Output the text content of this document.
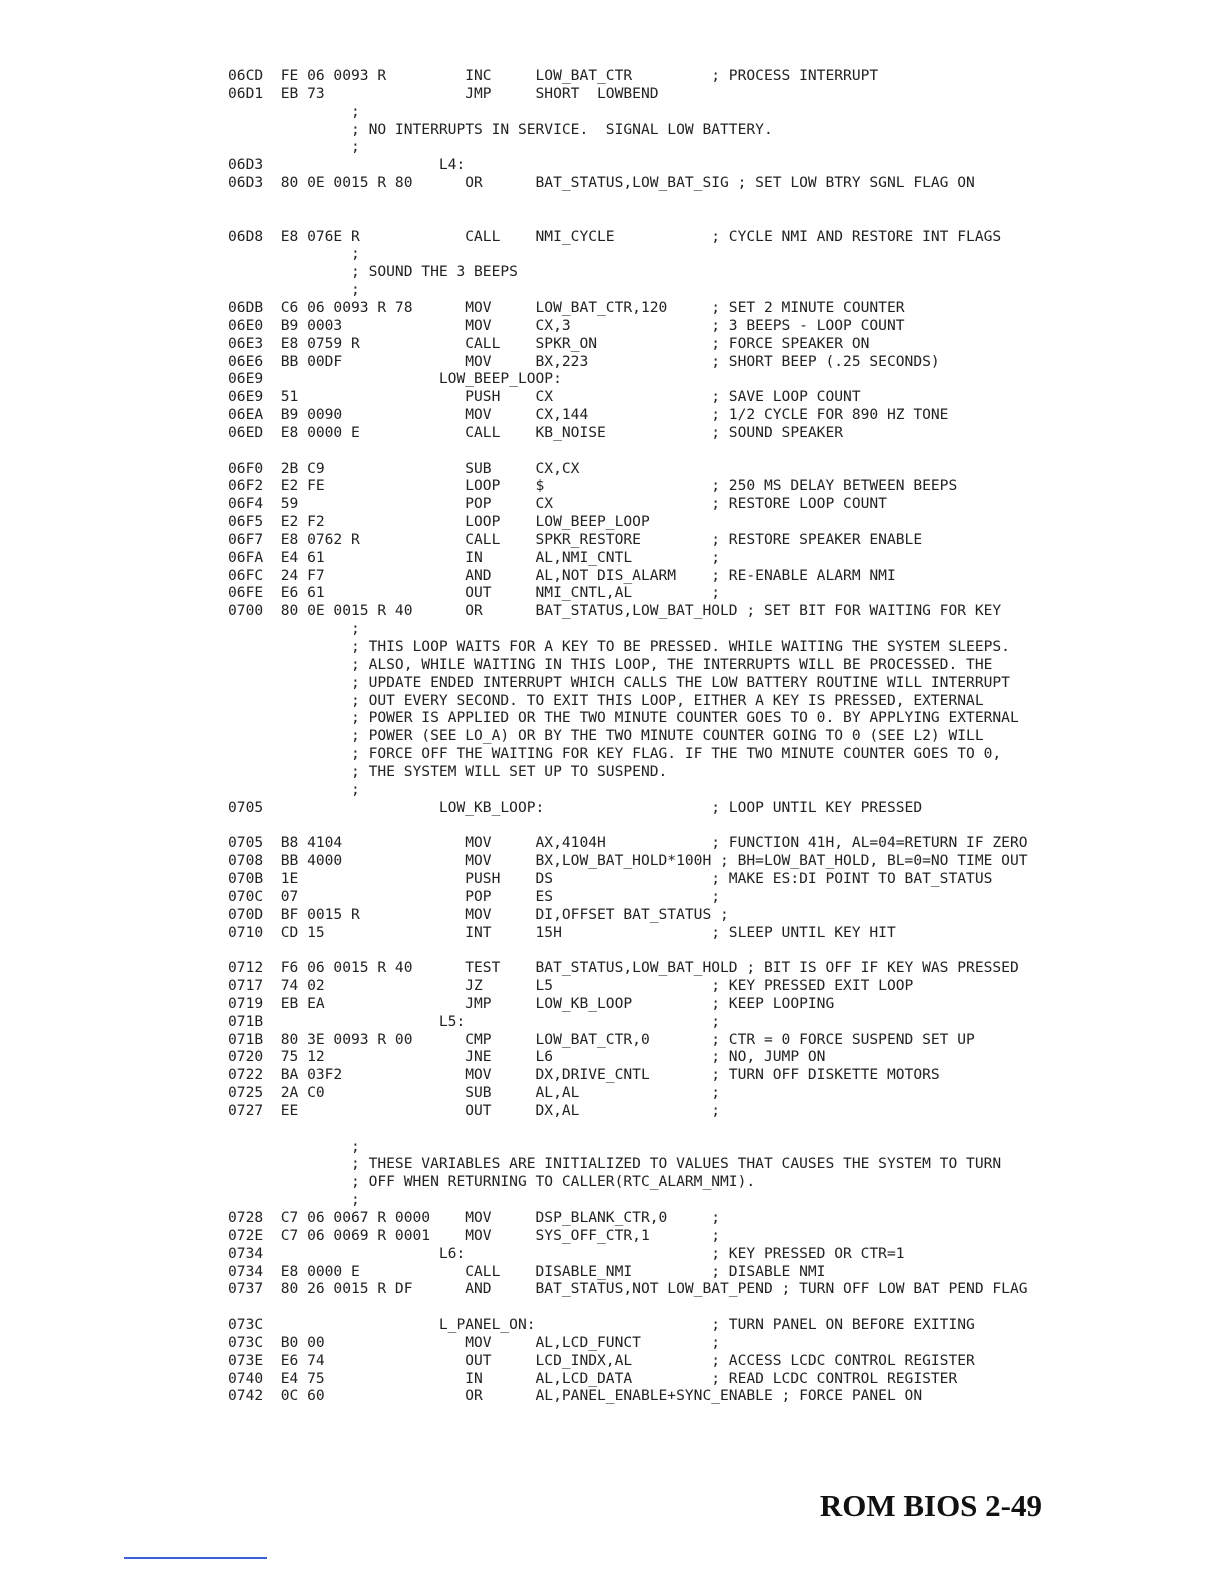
06CD  FE 06 0093 R         INC     LOW_BAT_CTR         ; PROCESS INTERRUPT
06D1  EB 73                JMP     SHORT  LOWBEND
;
; NO INTERRUPTS IN SERVICE.  SIGNAL LOW BATTERY.
;
06D3                    L4:
06D3  80 0E 0015 R 80      OR      BAT_STATUS,LOW_BAT_SIG ; SET LOW BTRY SGNL FLAG ON
06D8  E8 076E R            CALL    NMI_CYCLE           ; CYCLE NMI AND RESTORE INT FLAGS
;
; SOUND THE 3 BEEPS
;
06DB  C6 06 0093 R 78      MOV     LOW_BAT_CTR,120     ; SET 2 MINUTE COUNTER
06E0  B9 0003              MOV     CX,3                ; 3 BEEPS - LOOP COUNT
06E3  E8 0759 R            CALL    SPKR_ON             ; FORCE SPEAKER ON
06E6  BB 00DF              MOV     BX,223              ; SHORT BEEP (.25 SECONDS)
06E9                    LOW_BEEP_LOOP:
06E9  51                   PUSH    CX                  ; SAVE LOOP COUNT
06EA  B9 0090              MOV     CX,144              ; 1/2 CYCLE FOR 890 HZ TONE
06ED  E8 0000 E            CALL    KB_NOISE            ; SOUND SPEAKER
06F0  2B C9                SUB     CX,CX
06F2  E2 FE                LOOP    $                   ; 250 MS DELAY BETWEEN BEEPS
06F4  59                   POP     CX                  ; RESTORE LOOP COUNT
06F5  E2 F2                LOOP    LOW_BEEP_LOOP
06F7  E8 0762 R            CALL    SPKR_RESTORE        ; RESTORE SPEAKER ENABLE
06FA  E4 61                IN      AL,NMI_CNTL         ;
06FC  24 F7                AND     AL,NOT DIS_ALARM    ; RE-ENABLE ALARM NMI
06FE  E6 61                OUT     NMI_CNTL,AL         ;
0700  80 0E 0015 R 40      OR      BAT_STATUS,LOW_BAT_HOLD ; SET BIT FOR WAITING FOR KEY
;
; THIS LOOP WAITS FOR A KEY TO BE PRESSED. WHILE WAITING THE SYSTEM SLEEPS.
; ALSO, WHILE WAITING IN THIS LOOP, THE INTERRUPTS WILL BE PROCESSED. THE
; UPDATE ENDED INTERRUPT WHICH CALLS THE LOW BATTERY ROUTINE WILL INTERRUPT
; OUT EVERY SECOND. TO EXIT THIS LOOP, EITHER A KEY IS PRESSED, EXTERNAL
; POWER IS APPLIED OR THE TWO MINUTE COUNTER GOES TO 0. BY APPLYING EXTERNAL
; POWER (SEE LO_A) OR BY THE TWO MINUTE COUNTER GOING TO 0 (SEE L2) WILL
; FORCE OFF THE WAITING FOR KEY FLAG. IF THE TWO MINUTE COUNTER GOES TO 0,
; THE SYSTEM WILL SET UP TO SUSPEND.
;
0705                    LOW_KB_LOOP:                   ; LOOP UNTIL KEY PRESSED
0705  B8 4104              MOV     AX,4104H            ; FUNCTION 41H, AL=04=RETURN IF ZERO
0708  BB 4000              MOV     BX,LOW_BAT_HOLD*100H ; BH=LOW_BAT_HOLD, BL=0=NO TIME OUT
070B  1E                   PUSH    DS                  ; MAKE ES:DI POINT TO BAT_STATUS
070C  07                   POP     ES                  ;
070D  BF 0015 R            MOV     DI,OFFSET BAT_STATUS ;
0710  CD 15                INT     15H                 ; SLEEP UNTIL KEY HIT
0712  F6 06 0015 R 40      TEST    BAT_STATUS,LOW_BAT_HOLD ; BIT IS OFF IF KEY WAS PRESSED
0717  74 02                JZ      L5                  ; KEY PRESSED EXIT LOOP
0719  EB EA                JMP     LOW_KB_LOOP         ; KEEP LOOPING
071B                    L5:                            ;
071B  80 3E 0093 R 00      CMP     LOW_BAT_CTR,0       ; CTR = 0 FORCE SUSPEND SET UP
0720  75 12                JNE     L6                  ; NO, JUMP ON
0722  BA 03F2              MOV     DX,DRIVE_CNTL       ; TURN OFF DISKETTE MOTORS
0725  2A C0                SUB     AL,AL               ;
0727  EE                   OUT     DX,AL               ;
;
; THESE VARIABLES ARE INITIALIZED TO VALUES THAT CAUSES THE SYSTEM TO TURN
; OFF WHEN RETURNING TO CALLER(RTC_ALARM_NMI).
;
0728  C7 06 0067 R 0000    MOV     DSP_BLANK_CTR,0     ;
072E  C7 06 0069 R 0001    MOV     SYS_OFF_CTR,1       ;
0734                    L6:                            ; KEY PRESSED OR CTR=1
0734  E8 0000 E            CALL    DISABLE_NMI         ; DISABLE NMI
0737  80 26 0015 R DF      AND     BAT_STATUS,NOT LOW_BAT_PEND ; TURN OFF LOW BAT PEND FLAG
073C                    L_PANEL_ON:                    ; TURN PANEL ON BEFORE EXITING
073C  B0 00                MOV     AL,LCD_FUNCT        ;
073E  E6 74                OUT     LCD_INDX,AL         ; ACCESS LCDC CONTROL REGISTER
0740  E4 75                IN      AL,LCD_DATA         ; READ LCDC CONTROL REGISTER
0742  0C 60                OR      AL,PANEL_ENABLE+SYNC_ENABLE ; FORCE PANEL ON
ROM BIOS 2-49
